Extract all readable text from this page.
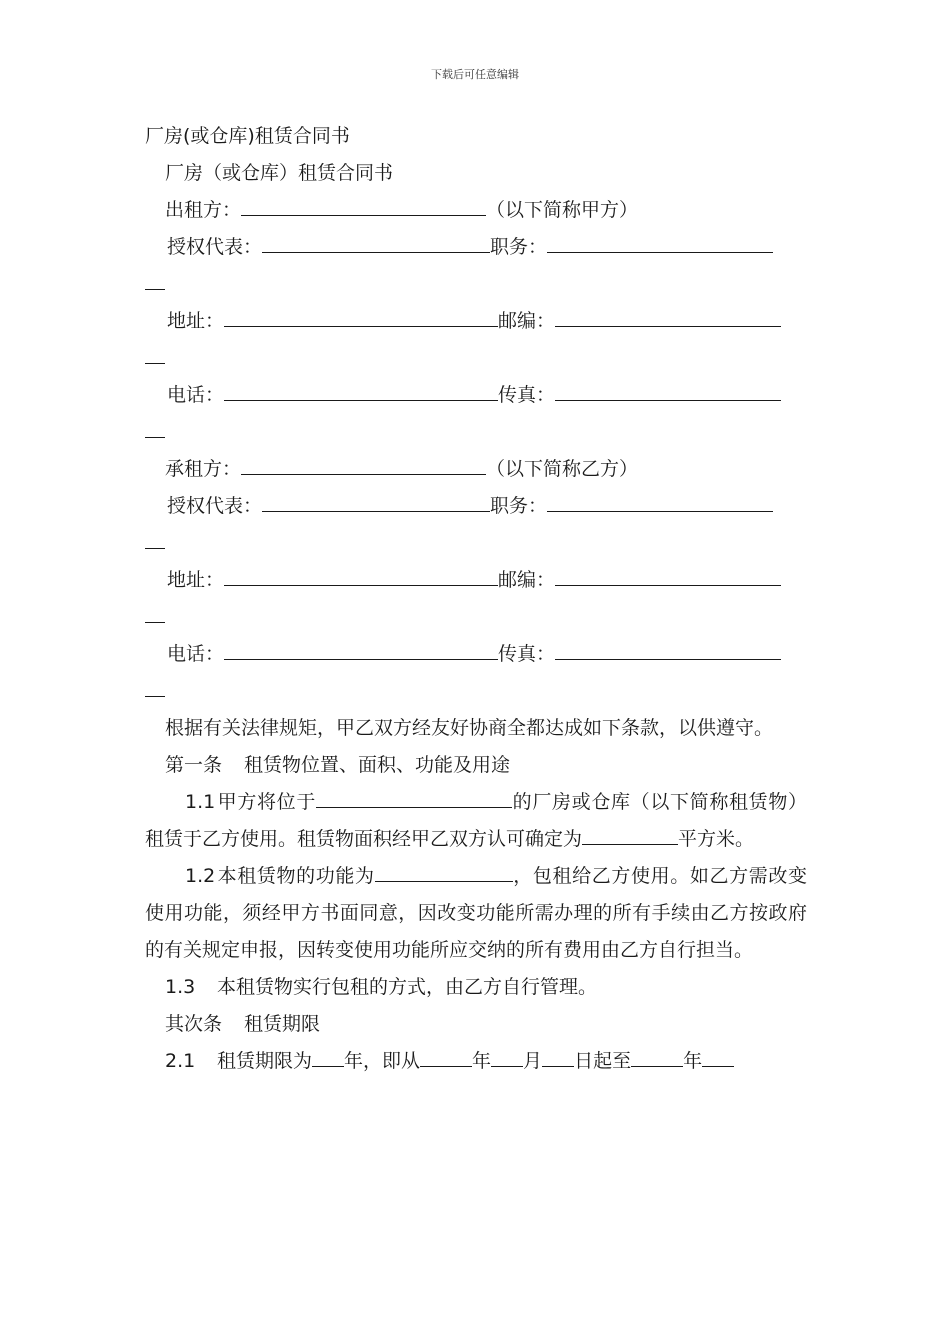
下载后可任意编辑
厂房(或仓库)租赁合同书
厂房（或仓库）租赁合同书
出租方：	（以下简称甲方）
授权代表：	职务：
地址：	邮编：
电话：	传真：
承租方：	（以下简称乙方）
授权代表：	职务：
地址：	邮编：
电话：	传真：
根据有关法律规矩，甲乙双方经友好协商全都达成如下条款，以供遵守。
第一条 租赁物位置、面积、功能及用途
1.1甲方将位于	的厂房或仓库（以下简称租赁物）租赁于乙方使用。租赁物面积经甲乙双方认可确定为	平方米。
1.2本租赁物的功能为	，包租给乙方使用。如乙方需改变使用功能，须经甲方书面同意，因改变功能所需办理的所有手续由乙方按政府的有关规定申报，因转变使用功能所应交纳的所有费用由乙方自行担当。
1.3 本租赁物实行包租的方式，由乙方自行管理。
其次条 租赁期限
2.1 租赁期限为 年，即从	年 月 日起至	年
